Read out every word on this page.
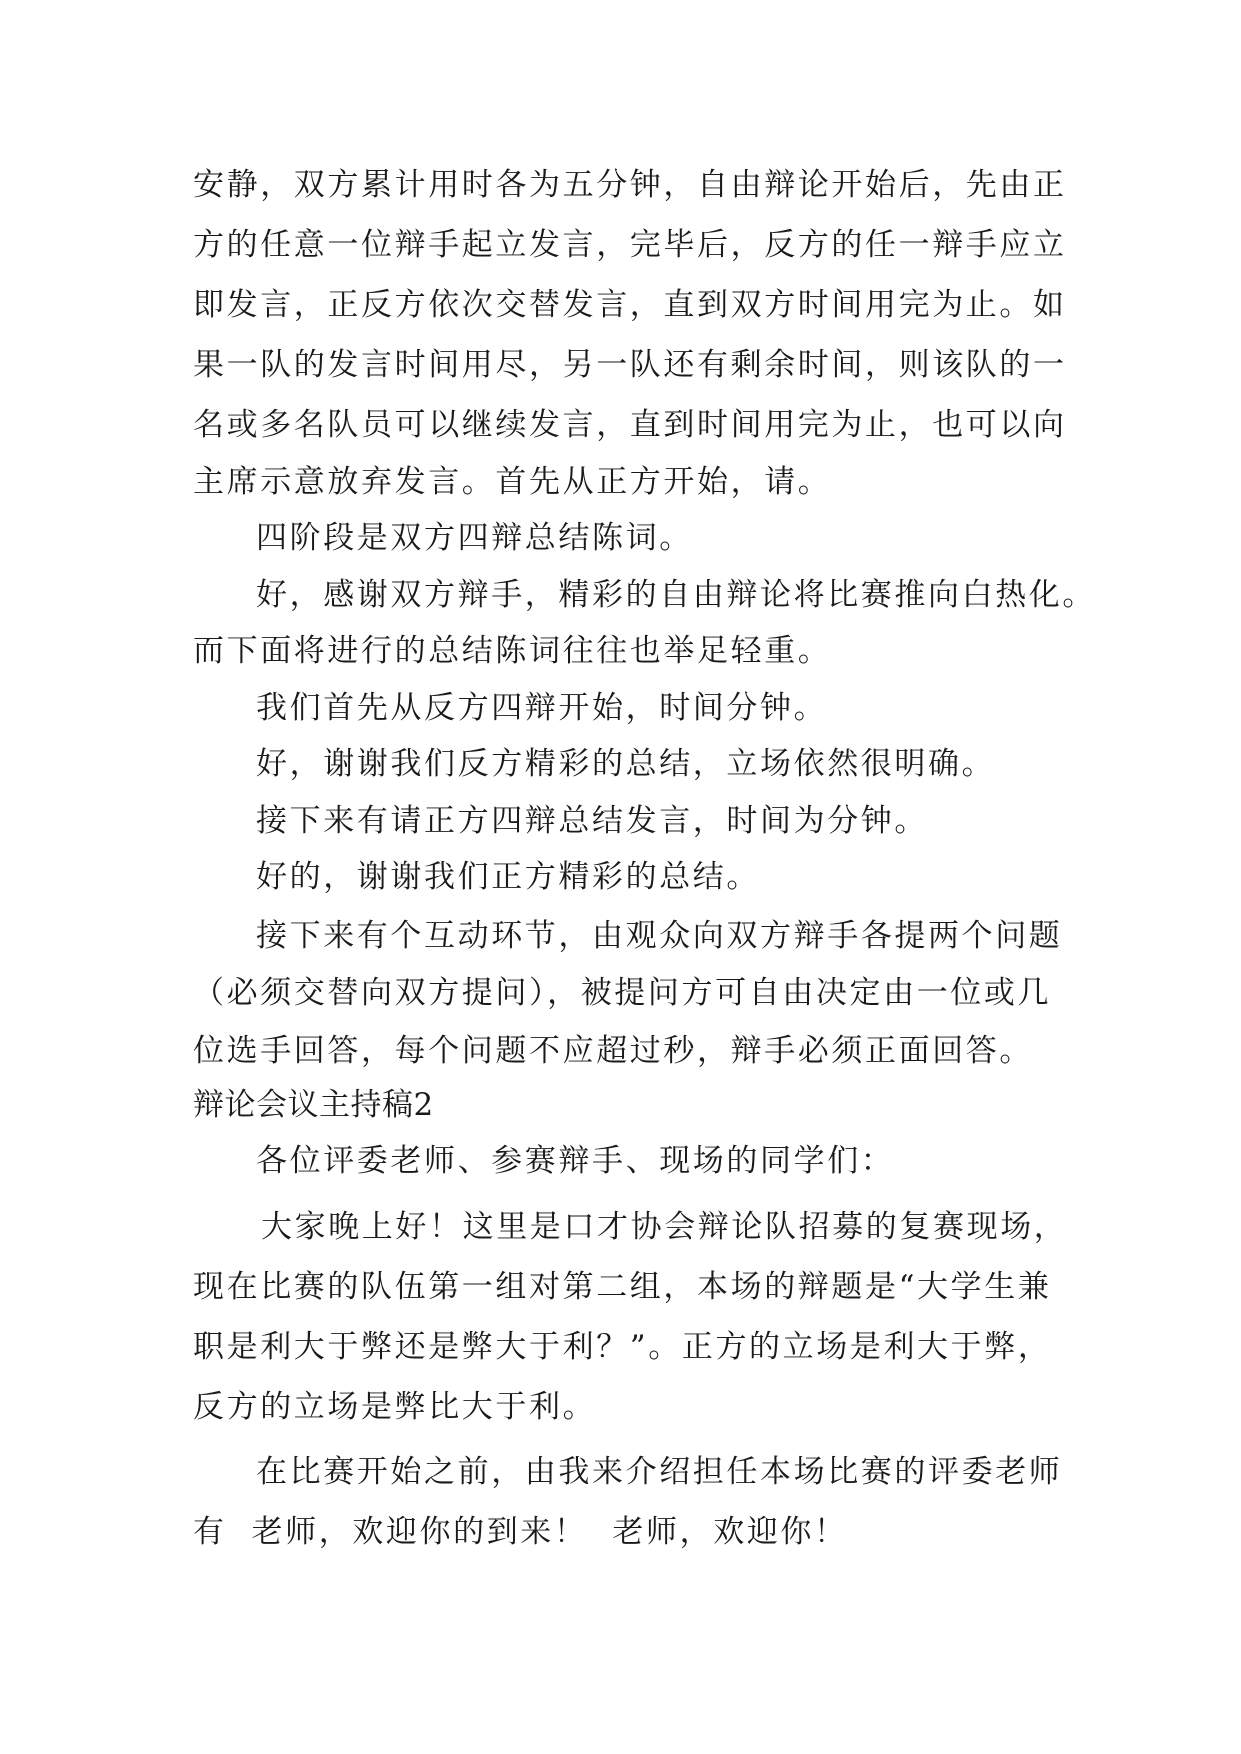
安静，双方累计用时各为五分钟，自由辩论开始后，先由正
方的任意一位辩手起立发言，完毕后，反方的任一辩手应立
即发言，正反方依次交替发言，直到双方时间用完为止。如
果一队的发言时间用尽，另一队还有剩余时间，则该队的一
名或多名队员可以继续发言，直到时间用完为止，也可以向
主席示意放弃发言。首先从正方开始，请。
四阶段是双方四辩总结陈词。
好，感谢双方辩手，精彩的自由辩论将比赛推向白热化。
而下面将进行的总结陈词往往也举足轻重。
我们首先从反方四辩开始，时间分钟。
好，谢谢我们反方精彩的总结，立场依然很明确。
接下来有请正方四辩总结发言，时间为分钟。
好的，谢谢我们正方精彩的总结。
接下来有个互动环节，由观众向双方辩手各提两个问题
（必须交替向双方提问），被提问方可自由决定由一位或几
位选手回答，每个问题不应超过秒，辩手必须正面回答。
辩论会议主持稿2
各位评委老师、参赛辩手、现场的同学们：
大家晚上好！这里是口才协会辩论队招募的复赛现场，
现在比赛的队伍第一组对第二组，本场的辩题是“大学生兼
职是利大于弊还是弊大于利？”。正方的立场是利大于弊，
反方的立场是弊比大于利。
在比赛开始之前，由我来介绍担任本场比赛的评委老师
有  老师，欢迎你的到来！  老师，欢迎你！
